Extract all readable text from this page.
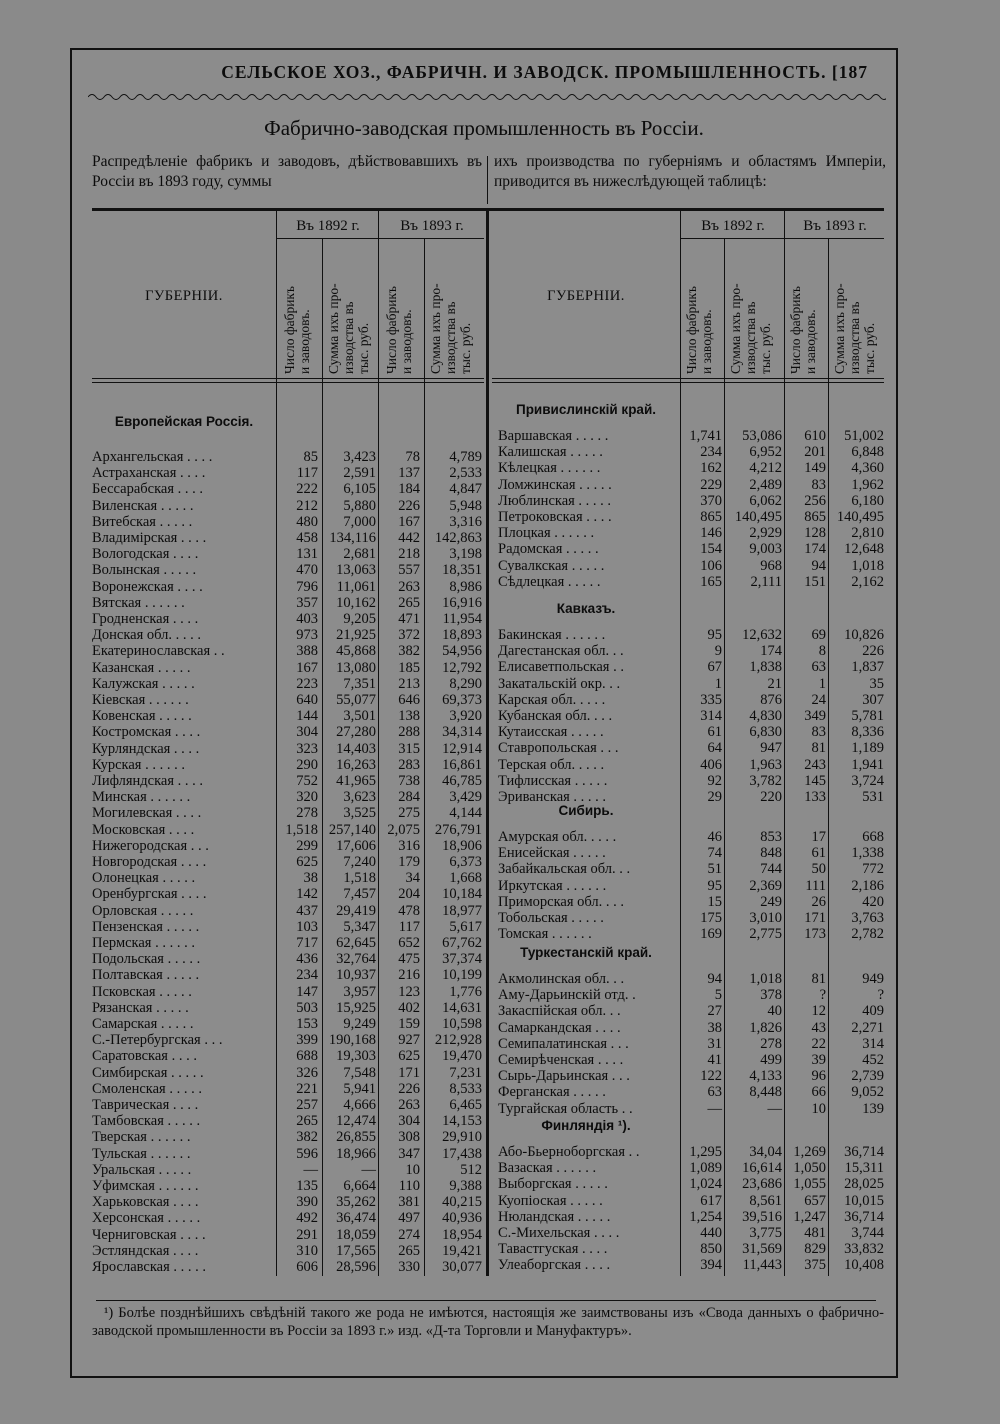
СЕЛЬСКОЕ ХОЗ., ФАБРИЧН. И ЗАВОДСК. ПРОМЫШЛЕННОСТЬ. [187
Фабрично-заводская промышленность въ Россіи.
Распредѣленіе фабрикъ и заводовъ, дѣйствовавшихъ въ Россіи въ 1893 году, суммы
ихъ производства по губерніямъ и областямъ Имперіи, приводится въ нижеслѣдующей таблицѣ:
Въ 1892 г.	Въ 1893 г.
ГУБЕРНІИ.
Число фабрикъ
и заводовъ. Сумма ихъ про-
изводства въ
тыс. руб.
Число фабрикъ
и заводовъ. Сумма ихъ про-
изводства въ
тыс. руб.
Въ 1892 г.	Въ 1893 г.
ГУБЕРНІИ.
Число фабрикъ
и заводовъ. Сумма ихъ про-
изводства въ
тыс. руб.
Число фабрикъ
и заводовъ. Сумма ихъ про-
изводства въ
тыс. руб.
Европейская Россія.
Архангельская . . . .	85	3,423	78	4,789
Астраханская . . . .	117	2,591	137	2,533
Бессарабская . . . .	222	6,105	184	4,847
Виленская . . . . .	212	5,880	226	5,948
Витебская . . . . .	480	7,000	167	3,316
Владимірская . . . .	458 134,116	442	142,863
Вологодская . . . .	131	2,681	218	3,198
Волынская . . . . .	470	13,063	557	18,351
Воронежская . . . .	796	11,061	263	8,986
Вятская . . . . . .	357	10,162	265	16,916
Гродненская . . . .	403	9,205	471	11,954
Донская обл. . . . .	973	21,925	372	18,893
Екатеринославская . .	388	45,868	382	54,956
Казанская . . . . .	167	13,080	185	12,792
Калужская . . . . .	223	7,351	213	8,290
Кіевская . . . . . .	640	55,077	646	69,373
Ковенская . . . . .	144	3,501	138	3,920
Костромская . . . .	304	27,280	288	34,314
Курляндская . . . .	323	14,403	315	12,914
Курская . . . . . .	290	16,263	283	16,861
Лифляндская . . . .	752	41,965	738	46,785
Минская . . . . . .	320	3,623	284	3,429
Могилевская . . . .	278	3,525	275	4,144
Московская . . . .	1,518 257,140 2,075	276,791
Нижегородская . . .	299	17,606	316	18,906
Новгородская . . . .	625	7,240	179	6,373
Олонецкая . . . . .	38	1,518	34	1,668
Оренбургская . . . .	142	7,457	204	10,184
Орловская . . . . .	437	29,419	478	18,977
Пензенская . . . . .	103	5,347	117	5,617
Пермская . . . . . .	717	62,645	652	67,762
Подольская . . . . .	436	32,764	475	37,374
Полтавская . . . . .	234	10,937	216	10,199
Псковская . . . . .	147	3,957	123	1,776
Рязанская . . . . .	503	15,925	402	14,631
Самарская . . . . .	153	9,249	159	10,598
С.-Петербургская . . .	399 190,168	927	212,928
Саратовская . . . .	688	19,303	625	19,470
Симбирская . . . . .	326	7,548	171	7,231
Смоленская . . . . .	221	5,941	226	8,533
Таврическая . . . .	257	4,666	263	6,465
Тамбовская . . . . .	265	12,474	304	14,153
Тверская . . . . . .	382	26,855	308	29,910
Тульская . . . . . .	596	18,966	347	17,438
Уральская . . . . .	—	—	10	512
Уфимская . . . . . .	135	6,664	110	9,388
Харьковская . . . .	390	35,262	381	40,215
Херсонская . . . . .	492	36,474	497	40,936
Черниговская . . . .	291	18,059	274	18,954
Эстляндская . . . .	310	17,565	265	19,421
Ярославская . . . . .	606	28,596	330	30,077
Привислинскій край.
Варшавская . . . . .	1,741	53,086	610	51,002
Калишская . . . . .	234	6,952	201	6,848
Кѣлецкая . . . . . .	162	4,212	149	4,360
Ломжинская . . . . .	229	2,489	83	1,962
Люблинская . . . . .	370	6,062	256	6,180
Петроковская . . . .	865 140,495	865 140,495
Плоцкая . . . . . .	146	2,929	128	2,810
Радомская . . . . .	154	9,003	174	12,648
Сувалкская . . . . .	106	968	94	1,018
Сѣдлецкая . . . . .	165	2,111	151	2,162
Кавказъ.
Бакинская . . . . . .	95	12,632	69	10,826
Дагестанская обл. . .	9	174	8	226
Елисаветпольская . .	67	1,838	63	1,837
Закатальскій окр. . .	1	21	1	35
Карская обл. . . . .	335	876	24	307
Кубанская обл. . . .	314	4,830	349	5,781
Кутаисская . . . . .	61	6,830	83	8,336
Ставропольская . . .	64	947	81	1,189
Терская обл. . . . .	406	1,963	243	1,941
Тифлисская . . . . .	92	3,782	145	3,724
Эриванская . . . . .	29	220	133	531
Сибирь.
Амурская обл. . . . .	46	853	17	668
Енисейская . . . . .	74	848	61	1,338
Забайкальская обл. . .	51	744	50	772
Иркутская . . . . . .	95	2,369	111	2,186
Приморская обл. . . .	15	249	26	420
Тобольская . . . . .	175	3,010	171	3,763
Томская . . . . . .	169	2,775	173	2,782
Туркестанскій край.
Акмолинская обл. . .	94	1,018	81	949
Аму-Дарьинскій отд. .	5	378	?	?
Закаспійская обл. . .	27	40	12	409
Самаркандская . . . .	38	1,826	43	2,271
Семипалатинская . . .	31	278	22	314
Семирѣченская . . . .	41	499	39	452
Сырь-Дарьинская . . .	122	4,133	96	2,739
Ферганская . . . . .	63	8,448	66	9,052
Тургайская область . .	—	—	10	139
Финляндія ¹).
Або-Бьерноборгская . .	1,295	34,04 1,269	36,714
Вазаская . . . . . .	1,089	16,614 1,050	15,311
Выборгская . . . . .	1,024	23,686 1,055	28,025
Куопіоская . . . . .	617	8,561	657	10,015
Нюландская . . . . .	1,254	39,516 1,247	36,714
С.-Михельская . . . .	440	3,775	481	3,744
Тавастгуская . . . .	850	31,569	829	33,832
Улеаборгская . . . .	394	11,443	375	10,408
¹) Болѣе позднѣйшихъ свѣдѣній такого же рода не имѣются, настоящія же заимствованы изъ «Свода данныхъ о фабрично-заводской промышленности въ Россіи за 1893 г.» изд. «Д-та Торговли и Мануфактуръ».
